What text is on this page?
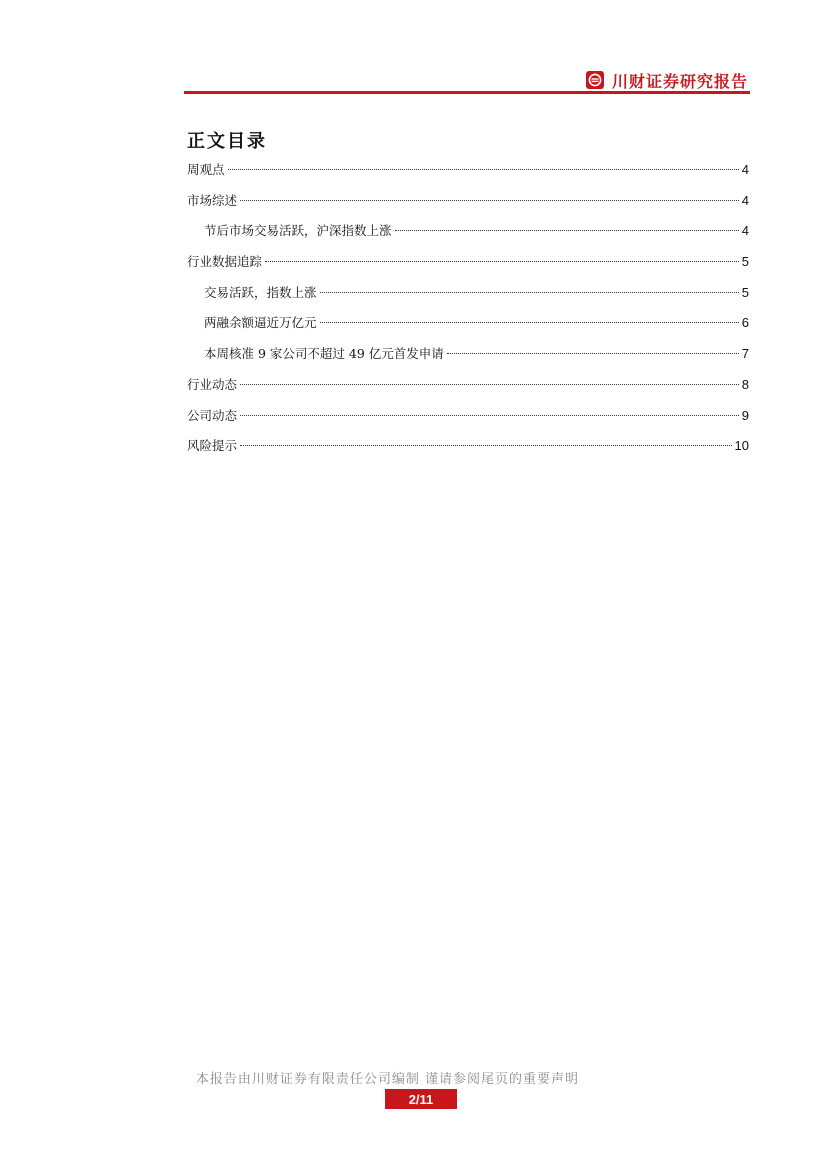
川财证券研究报告
正文目录
周观点	4
市场综述	4
节后市场交易活跃，沪深指数上涨	4
行业数据追踪	5
交易活跃，指数上涨	5
两融余额逼近万亿元	6
本周核准 9 家公司不超过 49 亿元首发申请	7
行业动态	8
公司动态	9
风险提示	10
本报告由川财证券有限责任公司编制 谨请参阅尾页的重要声明
2/11
